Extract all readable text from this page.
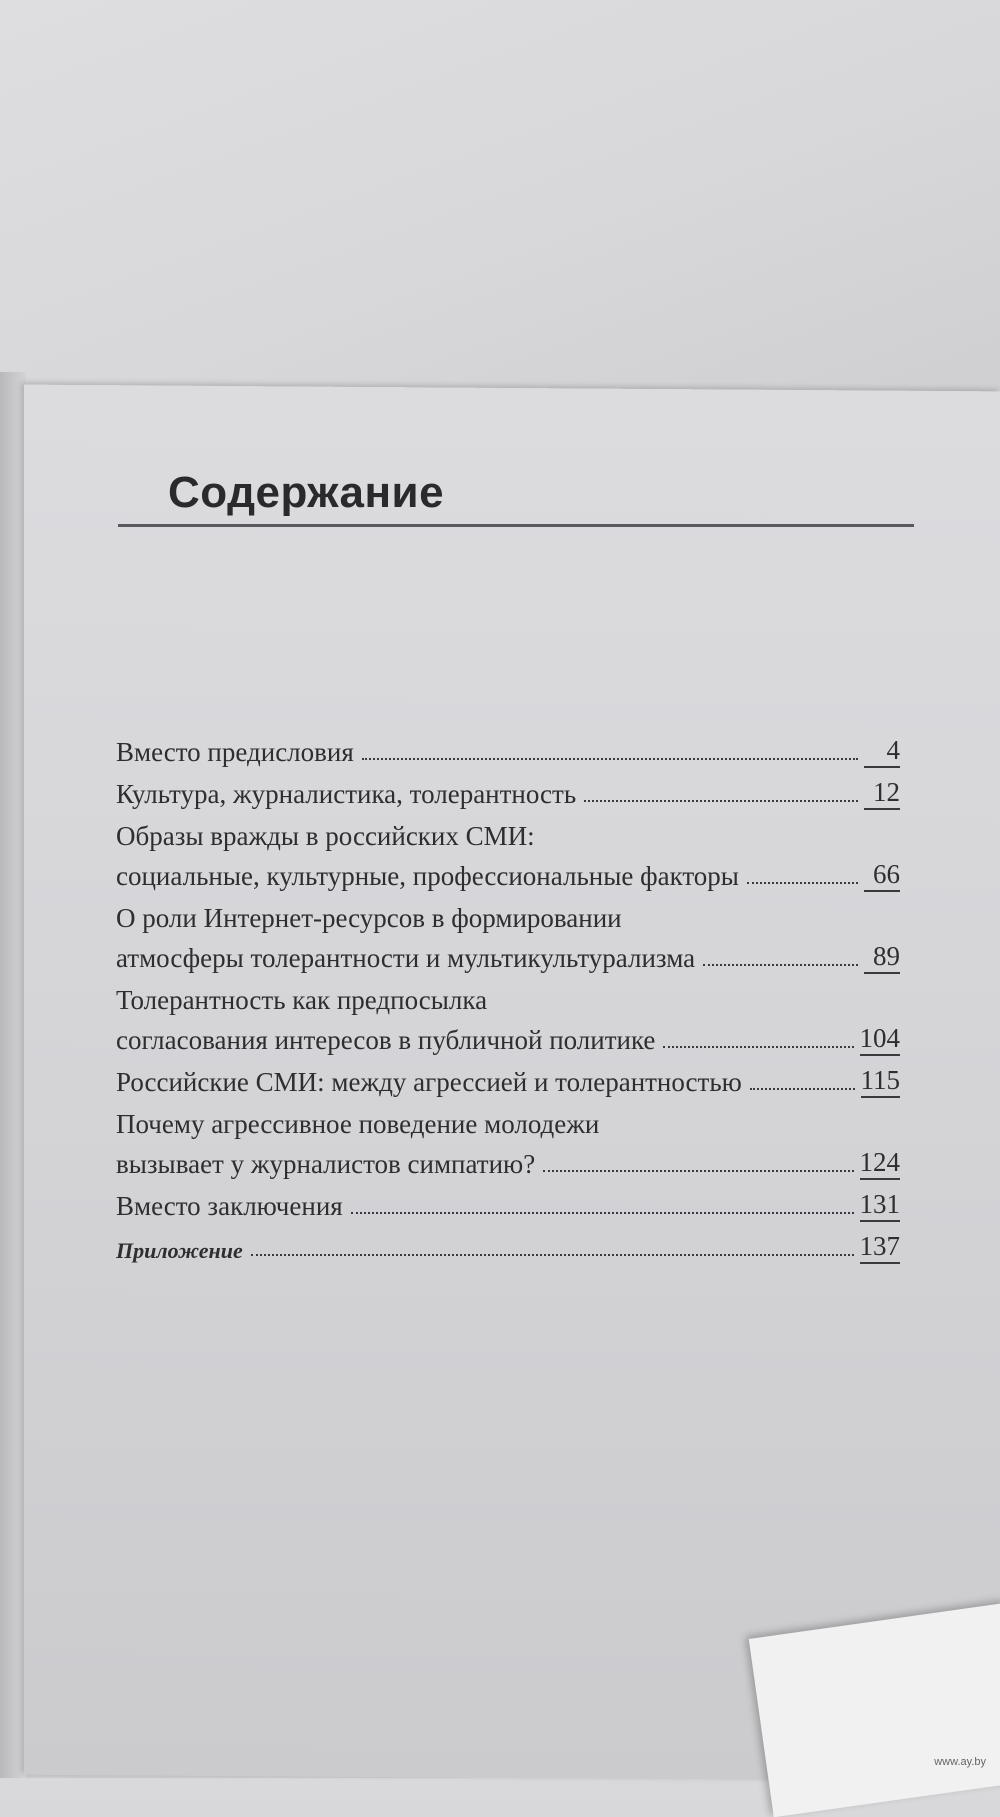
Содержание
Вместо предисловия	4
Культура, журналистика, толерантность	12
Образы вражды в российских СМИ:
социальные, культурные, профессиональные факторы	66
О роли Интернет-ресурсов в формировании
атмосферы толерантности и мультикультурализма	89
Толерантность как предпосылка
согласования интересов в публичной политике	104
Российские СМИ: между агрессией и толерантностью	115
Почему агрессивное поведение молодежи
вызывает у журналистов симпатию?	124
Вместо заключения	131
Приложение	137
www.ay.by
